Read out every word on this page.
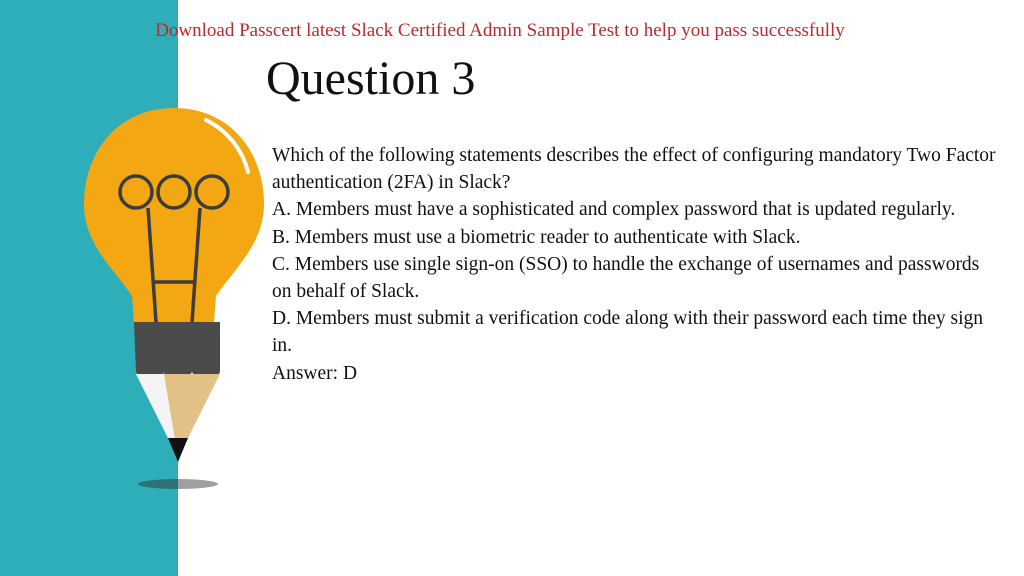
Download Passcert latest Slack Certified Admin Sample Test to help you pass successfully
Question 3

Which of the following statements describes the effect of configuring mandatory Two Factor authentication (2FA) in Slack?

A. Members must have a sophisticated and complex password that is updated regularly.

B. Members must use a biometric reader to authenticate with Slack.

C. Members use single sign-on (SSO) to handle the exchange of usernames and passwords on behalf of Slack.

D. Members must submit a verification code along with their password each time they sign in.

Answer: D
